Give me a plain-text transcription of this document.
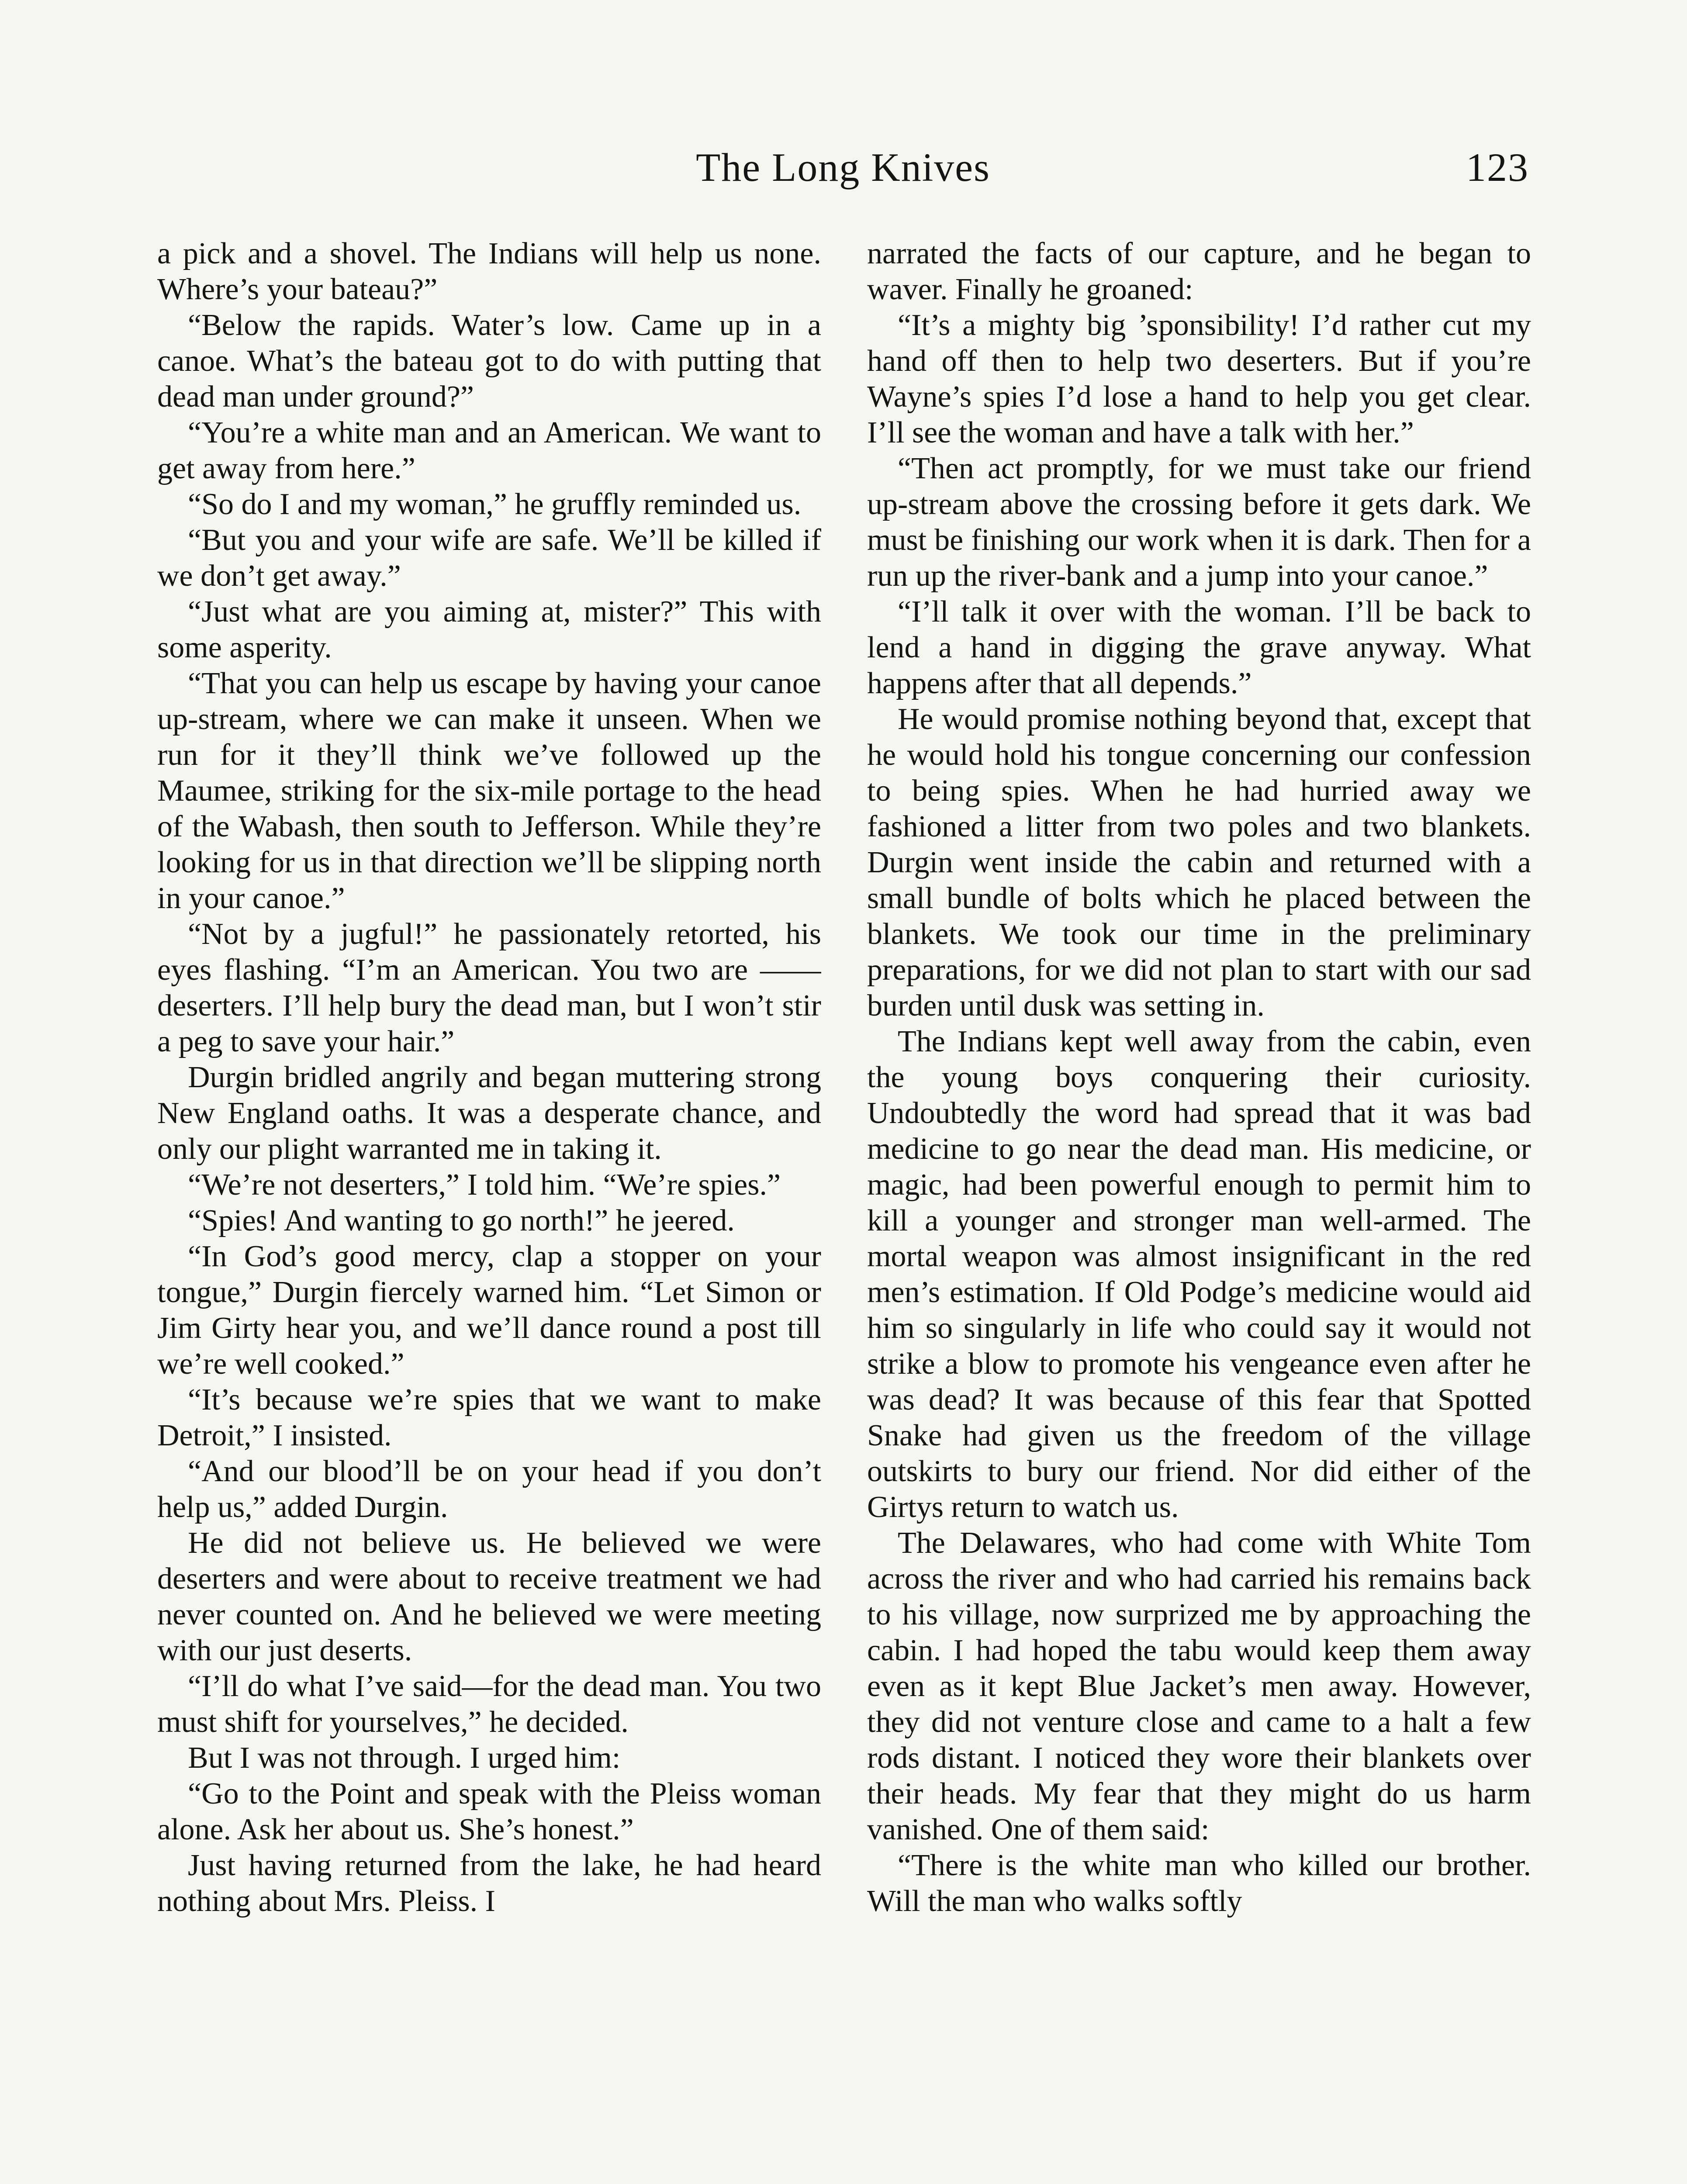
The Long Knives	123

a pick and a shovel. The Indians will help us none. Where’s your bateau?”

“Below the rapids. Water’s low. Came up in a canoe. What’s the bateau got to do with putting that dead man under ground?”

“You’re a white man and an American. We want to get away from here.”

“So do I and my woman,” he gruffly reminded us.

“But you and your wife are safe. We’ll be killed if we don’t get away.”

“Just what are you aiming at, mister?” This with some asperity.

“That you can help us escape by having your canoe up-stream, where we can make it unseen. When we run for it they’ll think we’ve followed up the Maumee, striking for the six-mile portage to the head of the Wabash, then south to Jefferson. While they’re looking for us in that direction we’ll be slipping north in your canoe.”

“Not by a jugful!” he passionately retorted, his eyes flashing. “I’m an American. You two are —— deserters. I’ll help bury the dead man, but I won’t stir a peg to save your hair.”

Durgin bridled angrily and began muttering strong New England oaths. It was a desperate chance, and only our plight warranted me in taking it.

“We’re not deserters,” I told him. “We’re spies.”

“Spies! And wanting to go north!” he jeered.

“In God’s good mercy, clap a stopper on your tongue,” Durgin fiercely warned him. “Let Simon or Jim Girty hear you, and we’ll dance round a post till we’re well cooked.”

“It’s because we’re spies that we want to make Detroit,” I insisted.

“And our blood’ll be on your head if you don’t help us,” added Durgin.

He did not believe us. He believed we were deserters and were about to receive treatment we had never counted on. And he believed we were meeting with our just deserts.

“I’ll do what I’ve said—for the dead man. You two must shift for yourselves,” he decided.

But I was not through. I urged him:

“Go to the Point and speak with the Pleiss woman alone. Ask her about us. She’s honest.”

Just having returned from the lake, he had heard nothing about Mrs. Pleiss. I

narrated the facts of our capture, and he began to waver. Finally he groaned:

“It’s a mighty big ’sponsibility! I’d rather cut my hand off then to help two deserters. But if you’re Wayne’s spies I’d lose a hand to help you get clear. I’ll see the woman and have a talk with her.”

“Then act promptly, for we must take our friend up-stream above the crossing before it gets dark. We must be finishing our work when it is dark. Then for a run up the river-bank and a jump into your canoe.”

“I’ll talk it over with the woman. I’ll be back to lend a hand in digging the grave anyway. What happens after that all depends.”

He would promise nothing beyond that, except that he would hold his tongue concerning our confession to being spies. When he had hurried away we fashioned a litter from two poles and two blankets. Durgin went inside the cabin and returned with a small bundle of bolts which he placed between the blankets. We took our time in the preliminary preparations, for we did not plan to start with our sad burden until dusk was setting in.

The Indians kept well away from the cabin, even the young boys conquering their curiosity. Undoubtedly the word had spread that it was bad medicine to go near the dead man. His medicine, or magic, had been powerful enough to permit him to kill a younger and stronger man well-armed. The mortal weapon was almost insignificant in the red men’s estimation. If Old Podge’s medicine would aid him so singularly in life who could say it would not strike a blow to promote his vengeance even after he was dead? It was because of this fear that Spotted Snake had given us the freedom of the village outskirts to bury our friend. Nor did either of the Girtys return to watch us.

The Delawares, who had come with White Tom across the river and who had carried his remains back to his village, now surprized me by approaching the cabin. I had hoped the tabu would keep them away even as it kept Blue Jacket’s men away. However, they did not venture close and came to a halt a few rods distant. I noticed they wore their blankets over their heads. My fear that they might do us harm vanished. One of them said:

“There is the white man who killed our brother. Will the man who walks softly
